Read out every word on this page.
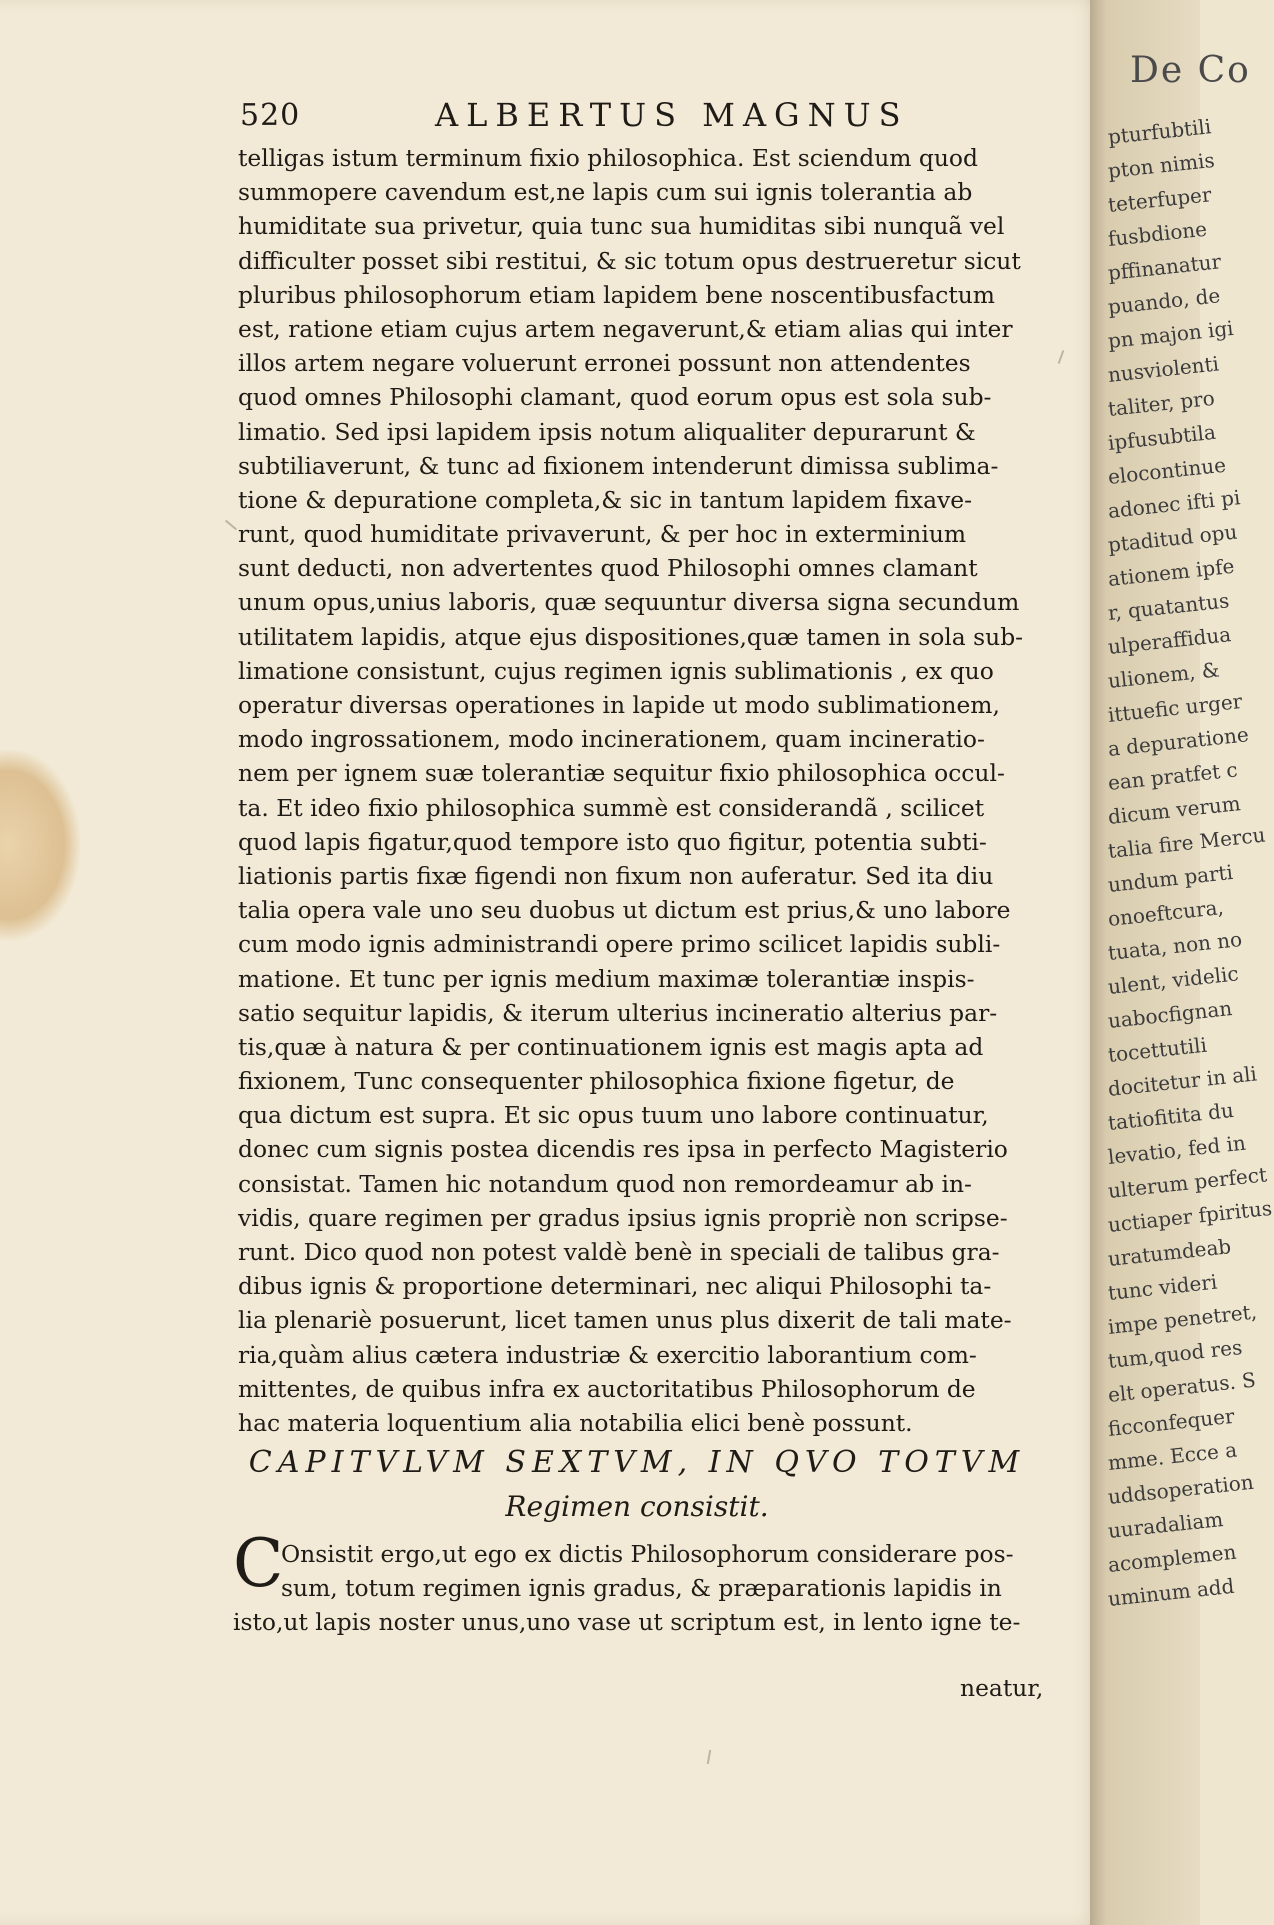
520	ALBERTUS MAGNUS
telligas istum terminum fixio philosophica. Est sciendum quod
summopere cavendum est,ne lapis cum sui ignis tolerantia ab
humiditate sua privetur, quia tunc sua humiditas sibi nunquã vel
difficulter posset sibi restitui, & sic totum opus destrueretur sicut
pluribus philosophorum etiam lapidem bene noscentibusfactum
est, ratione etiam cujus artem negaverunt,& etiam alias qui inter
illos artem negare voluerunt erronei possunt non attendentes
quod omnes Philosophi clamant, quod eorum opus est sola sub-
limatio. Sed ipsi lapidem ipsis notum aliqualiter depurarunt &
subtiliaverunt, & tunc ad fixionem intenderunt dimissa sublima-
tione & depuratione completa,& sic in tantum lapidem fixave-
runt, quod humiditate privaverunt, & per hoc in exterminium
sunt deducti, non advertentes quod Philosophi omnes clamant
unum opus,unius laboris, quæ sequuntur diversa signa secundum
utilitatem lapidis, atque ejus dispositiones,quæ tamen in sola sub-
limatione consistunt, cujus regimen ignis sublimationis , ex quo
operatur diversas operationes in lapide ut modo sublimationem,
modo ingrossationem, modo incinerationem, quam incineratio-
nem per ignem suæ tolerantiæ sequitur fixio philosophica occul-
ta. Et ideo fixio philosophica summè est considerandã , scilicet
quod lapis figatur,quod tempore isto quo figitur, potentia subti-
liationis partis fixæ figendi non fixum non auferatur. Sed ita diu
talia opera vale uno seu duobus ut dictum est prius,& uno labore
cum modo ignis administrandi opere primo scilicet lapidis subli-
matione. Et tunc per ignis medium maximæ tolerantiæ inspis-
satio sequitur lapidis, & iterum ulterius incineratio alterius par-
tis,quæ à natura & per continuationem ignis est magis apta ad
fixionem, Tunc consequenter philosophica fixione figetur, de
qua dictum est supra. Et sic opus tuum uno labore continuatur,
donec cum signis postea dicendis res ipsa in perfecto Magisterio
consistat. Tamen hic notandum quod non remordeamur ab in-
vidis, quare regimen per gradus ipsius ignis propriè non scripse-
runt. Dico quod non potest valdè benè in speciali de talibus gra-
dibus ignis & proportione determinari, nec aliqui Philosophi ta-
lia plenariè posuerunt, licet tamen unus plus dixerit de tali mate-
ria,quàm alius cætera industriæ & exercitio laborantium com-
mittentes, de quibus infra ex auctoritatibus Philosophorum de
hac materia loquentium alia notabilia elici benè possunt.
CAPITVLVM SEXTVM, IN QVO TOTVM
Regimen consistit.
C
Onsistit ergo,ut ego ex dictis Philosophorum considerare pos-
sum, totum regimen ignis gradus, & præparationis lapidis in
isto,ut lapis noster unus,uno vase ut scriptum est, in lento igne te-
neatur,
De Co
pturfubtili
pton nimis
teterfuper
fusbdione
pffinanatur
puando, de
pn majon igi
nusviolenti
taliter, pro
ipfusubtila
elocontinue
adonec ifti pi
ptaditud opu
ationem ipfe
r, quatantus
ulperaffidua
ulionem, &
ittuefic urger
a depuratione
ean pratfet c
dicum verum
talia fire Mercu
undum parti
onoeftcura,
tuata, non no
ulent, videlic
uabocfignan
tocettutili
docitetur in ali
tatiofitita du
levatio, fed in
ulterum perfect
uctiaper fpiritus
uratumdeab
tunc videri
impe penetret,
tum,quod res
elt operatus. S
ficconfequer
mme. Ecce a
uddsoperation
uuradaliam
acomplemen
uminum add
